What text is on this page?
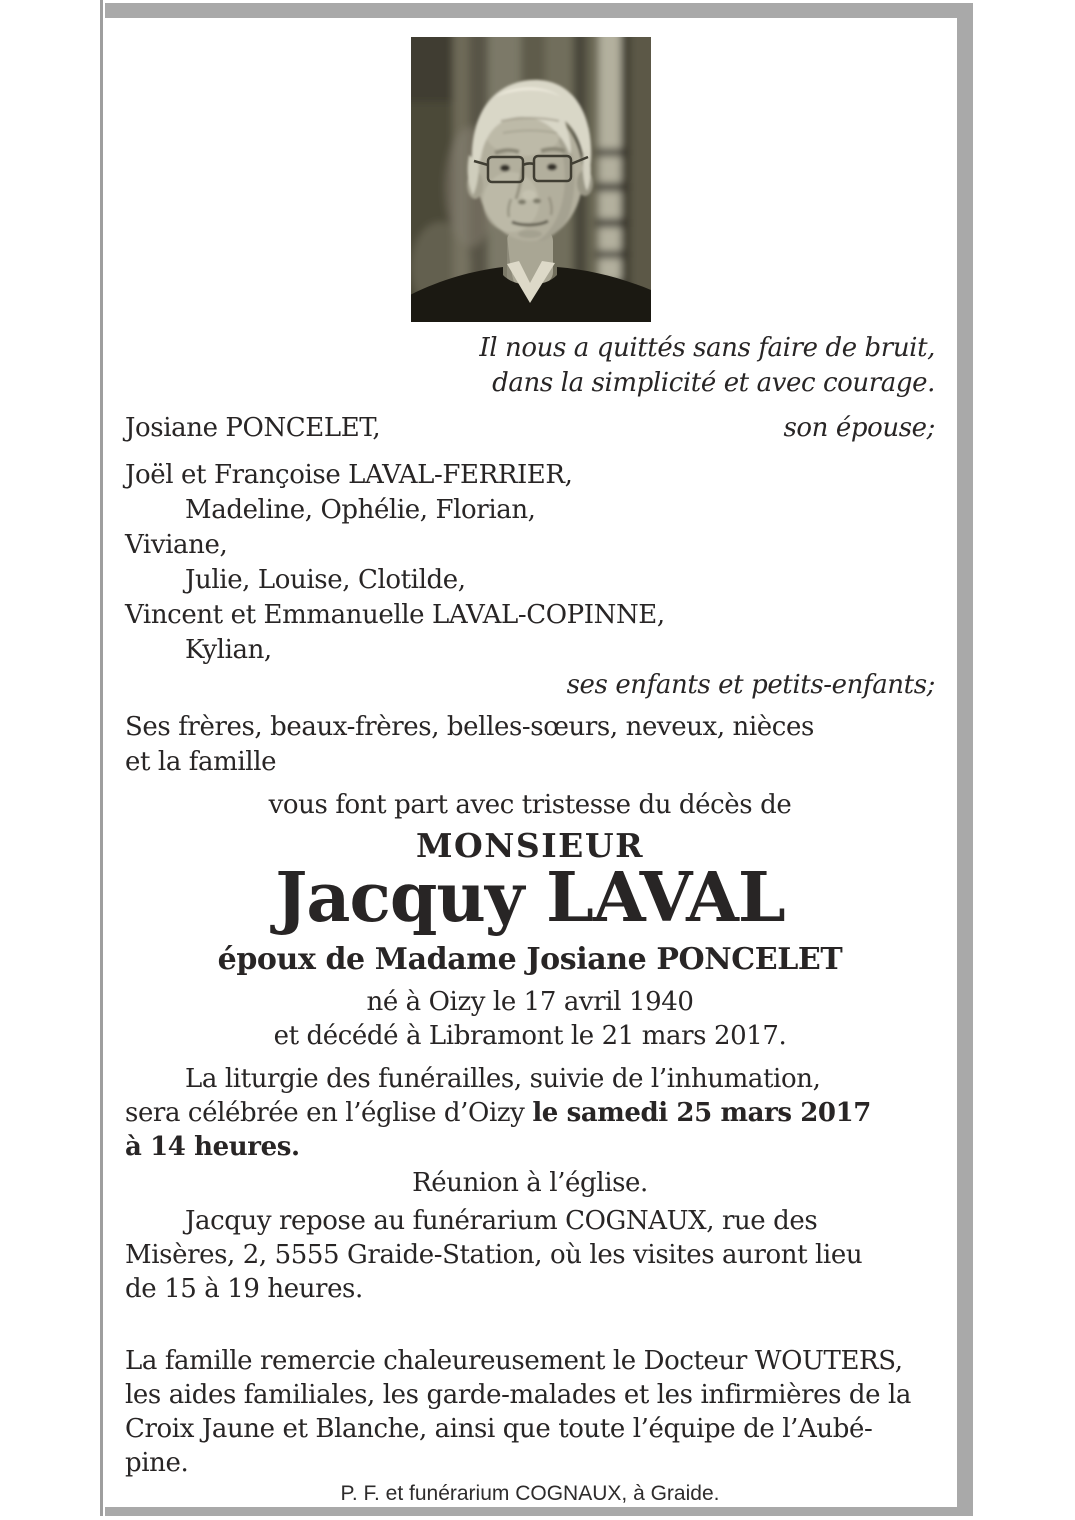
Il nous a quittés sans faire de bruit,
dans la simplicité et avec courage.
Josiane PONCELET,	son épouse;
Joël et Françoise LAVAL-FERRIER,
Madeline, Ophélie, Florian,
Viviane,
Julie, Louise, Clotilde,
Vincent et Emmanuelle LAVAL-COPINNE,
Kylian,
ses enfants et petits-enfants;
Ses frères, beaux-frères, belles-sœurs, neveux, nièces
et la famille
vous font part avec tristesse du décès de
MONSIEUR
Jacquy LAVAL
époux de Madame Josiane PONCELET
né à Oizy le 17 avril 1940
et décédé à Libramont le 21 mars 2017.
La liturgie des funérailles, suivie de l’inhumation,
sera célébrée en l’église d’Oizy le samedi 25 mars 2017
à 14 heures.
Réunion à l’église.
Jacquy repose au funérarium COGNAUX, rue des
Misères, 2, 5555 Graide-Station, où les visites auront lieu
de 15 à 19 heures.
La famille remercie chaleureusement le Docteur WOUTERS,
les aides familiales, les garde-malades et les infirmières de la
Croix Jaune et Blanche, ainsi que toute l’équipe de l’Aubé-
pine.
P. F. et funérarium COGNAUX, à Graide.
